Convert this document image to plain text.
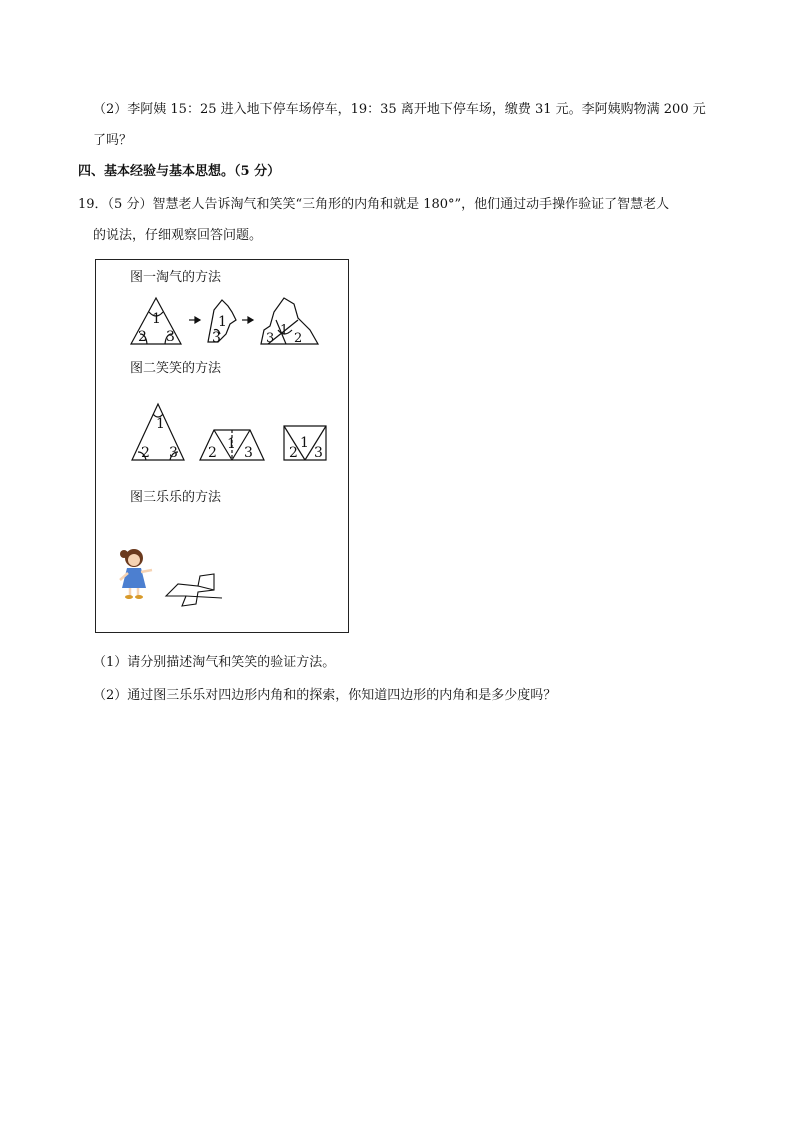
（2）李阿姨 15：25 进入地下停车场停车，19：35 离开地下停车场，缴费 31 元。李阿姨购物满 200 元
了吗？
四、基本经验与基本思想。（5 分）
19．（5 分）智慧老人告诉淘气和笑笑“三角形的内角和就是 180°”，他们通过动手操作验证了智慧老人
的说法，仔细观察回答问题。
图一淘气的方法
图二笑笑的方法
图三乐乐的方法
1
2 3	3
1
3
1
2
1
2 3
1
2 3
1
2 3
（1）请分别描述淘气和笑笑的验证方法。
（2）通过图三乐乐对四边形内角和的探索，你知道四边形的内角和是多少度吗？
